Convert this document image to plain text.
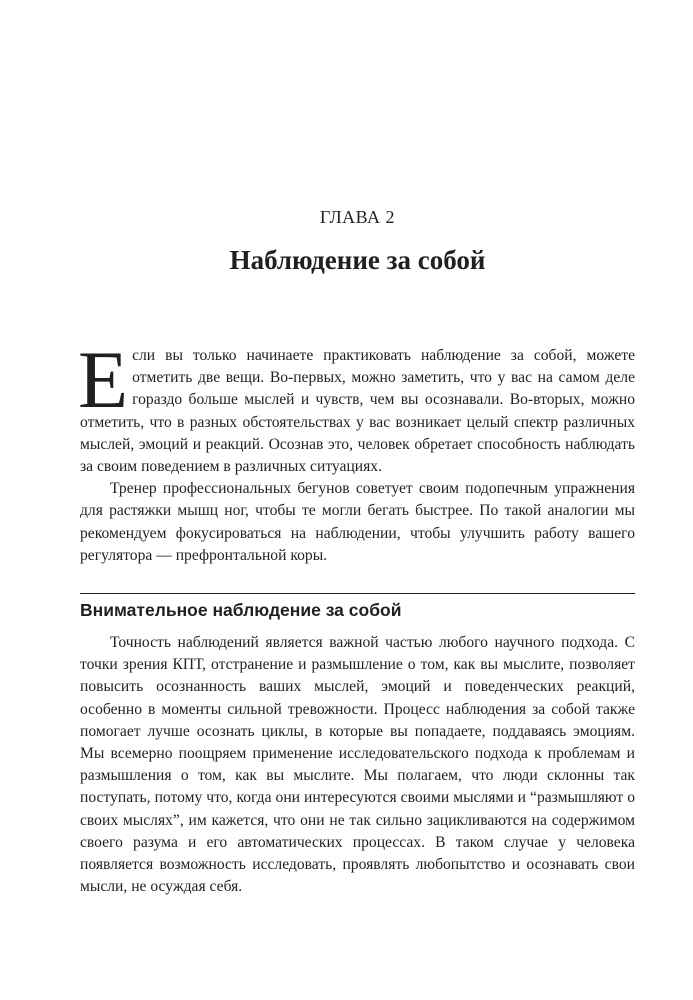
ГЛАВА 2
Наблюдение за собой

Если вы только начинаете практиковать наблюдение за собой, можете отметить две вещи. Во-первых, можно заметить, что у вас на самом деле гораздо больше мыслей и чувств, чем вы осознавали. Во-вторых, можно отметить, что в разных обстоятельствах у вас возникает целый спектр различных мыслей, эмоций и реакций. Осознав это, человек обретает способность наблюдать за своим поведением в различных ситуациях.

Тренер профессиональных бегунов советует своим подопечным упражнения для растяжки мышц ног, чтобы те могли бегать быстрее. По такой аналогии мы рекомендуем фокусироваться на наблюдении, чтобы улучшить работу вашего регулятора — префронтальной коры.

Внимательное наблюдение за собой

Точность наблюдений является важной частью любого научного подхода. С точки зрения КПТ, отстранение и размышление о том, как вы мыслите, позволяет повысить осознанность ваших мыслей, эмоций и поведенческих реакций, особенно в моменты сильной тревожности. Процесс наблюдения за собой также помогает лучше осознать циклы, в которые вы попадаете, поддаваясь эмоциям. Мы всемерно поощряем применение исследовательского подхода к проблемам и размышления о том, как вы мыслите. Мы полагаем, что люди склонны так поступать, потому что, когда они интересуются своими мыслями и “размышляют о своих мыслях”, им кажется, что они не так сильно зацикливаются на содержимом своего разума и его автоматических процессах. В таком случае у человека появляется возможность исследовать, проявлять любопытство и осознавать свои мысли, не осуждая себя.
